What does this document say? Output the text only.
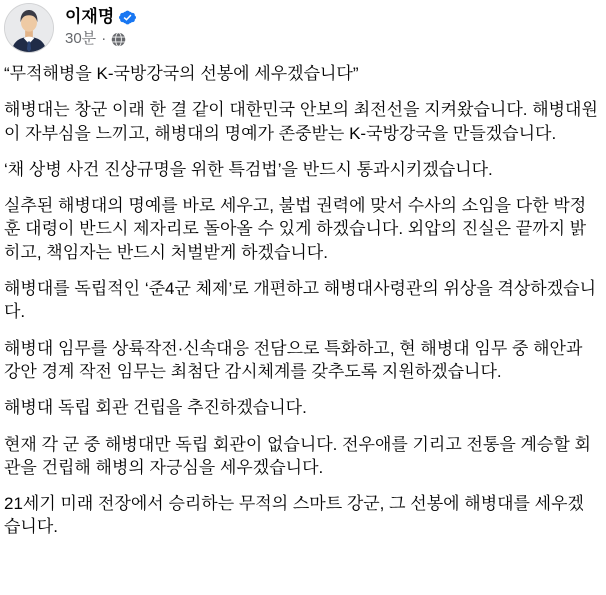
이재명
30분 ·

“무적해병을 K-국방강국의 선봉에 세우겠습니다”

해병대는 창군 이래 한 결 같이 대한민국 안보의 최전선을 지켜왔습니다. 해병대원이 자부심을 느끼고, 해병대의 명예가 존중받는 K-국방강국을 만들겠습니다.

‘채 상병 사건 진상규명을 위한 특검법’을 반드시 통과시키겠습니다.

실추된 해병대의 명예를 바로 세우고, 불법 권력에 맞서 수사의 소임을 다한 박정훈 대령이 반드시 제자리로 돌아올 수 있게 하겠습니다. 외압의 진실은 끝까지 밝히고, 책임자는 반드시 처벌받게 하겠습니다.

해병대를 독립적인 ‘준4군 체제’로 개편하고 해병대사령관의 위상을 격상하겠습니다.

해병대 임무를 상륙작전·신속대응 전담으로 특화하고, 현 해병대 임무 중 해안과 강안 경계 작전 임무는 최첨단 감시체계를 갖추도록 지원하겠습니다.

해병대 독립 회관 건립을 추진하겠습니다.

현재 각 군 중 해병대만 독립 회관이 없습니다. 전우애를 기리고 전통을 계승할 회관을 건립해 해병의 자긍심을 세우겠습니다.

21세기 미래 전장에서 승리하는 무적의 스마트 강군, 그 선봉에 해병대를 세우겠습니다.
